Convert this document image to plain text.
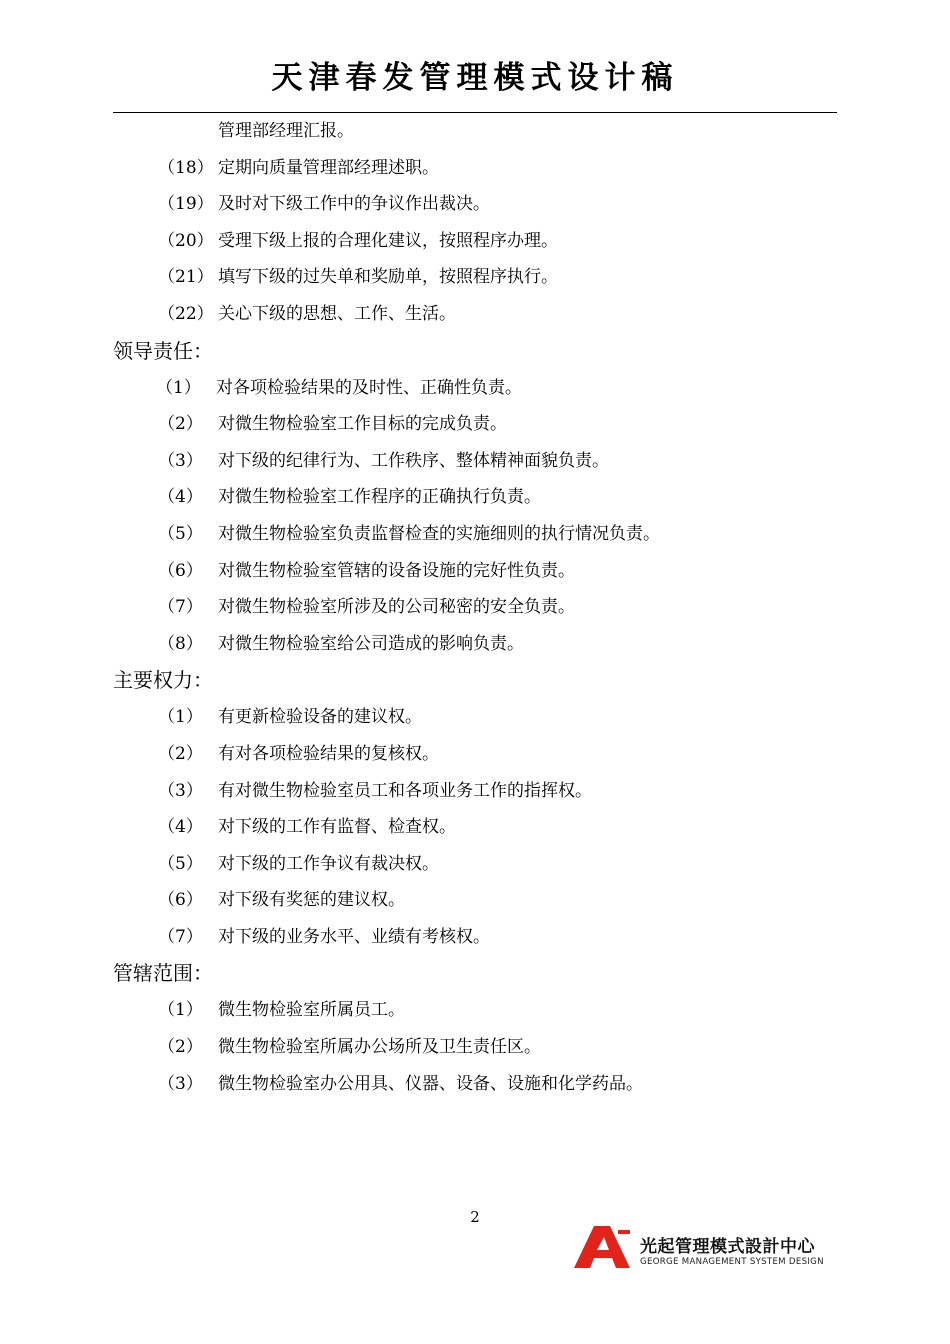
天津春发管理模式设计稿
管理部经理汇报。
（18） 定期向质量管理部经理述职。
（19） 及时对下级工作中的争议作出裁决。
（20） 受理下级上报的合理化建议，按照程序办理。
（21） 填写下级的过失单和奖励单，按照程序执行。
（22） 关心下级的思想、工作、生活。
领导责任：
（1） 对各项检验结果的及时性、正确性负责。
（2） 对微生物检验室工作目标的完成负责。
（3） 对下级的纪律行为、工作秩序、整体精神面貌负责。
（4） 对微生物检验室工作程序的正确执行负责。
（5） 对微生物检验室负责监督检查的实施细则的执行情况负责。
（6） 对微生物检验室管辖的设备设施的完好性负责。
（7） 对微生物检验室所涉及的公司秘密的安全负责。
（8） 对微生物检验室给公司造成的影响负责。
主要权力：
（1） 有更新检验设备的建议权。
（2） 有对各项检验结果的复核权。
（3） 有对微生物检验室员工和各项业务工作的指挥权。
（4） 对下级的工作有监督、检查权。
（5） 对下级的工作争议有裁决权。
（6） 对下级有奖惩的建议权。
（7） 对下级的业务水平、业绩有考核权。
管辖范围：
（1） 微生物检验室所属员工。
（2） 微生物检验室所属办公场所及卫生责任区。
（3） 微生物检验室办公用具、仪器、设备、设施和化学药品。
2
光起管理模式設計中心
GEORGE MANAGEMENT SYSTEM DESIGN
